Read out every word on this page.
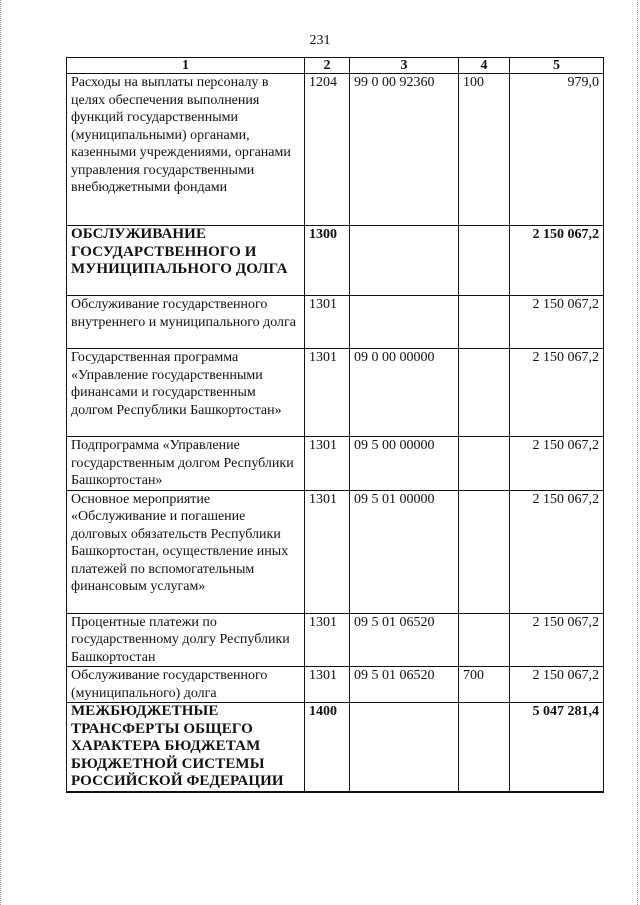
231
1	2	3	4	5
Расходы на выплаты персоналу в целях обеспечения выполнения функций государственными (муниципальными) органами, казенными учреждениями, органами управления государственными внебюджетными фондами	1204	99 0 00 92360	100	979,0
ОБСЛУЖИВАНИЕ ГОСУДАРСТВЕННОГО И МУНИЦИПАЛЬНОГО ДОЛГА	1300			2 150 067,2
Обслуживание государственного внутреннего и муниципального долга	1301			2 150 067,2
Государственная программа «Управление государственными финансами и государственным долгом Республики Башкортостан»	1301	09 0 00 00000		2 150 067,2
Подпрограмма «Управление государственным долгом Республики Башкортостан»	1301	09 5 00 00000		2 150 067,2
Основное мероприятие «Обслуживание и погашение долговых обязательств Республики Башкортостан, осуществление иных платежей по вспомогательным финансовым услугам»	1301	09 5 01 00000		2 150 067,2
Процентные платежи по государственному долгу Республики Башкортостан	1301	09 5 01 06520		2 150 067,2
Обслуживание государственного (муниципального) долга	1301	09 5 01 06520	700	2 150 067,2
МЕЖБЮДЖЕТНЫЕ ТРАНСФЕРТЫ ОБЩЕГО ХАРАКТЕРА БЮДЖЕТАМ БЮДЖЕТНОЙ СИСТЕМЫ РОССИЙСКОЙ ФЕДЕРАЦИИ	1400			5 047 281,4
